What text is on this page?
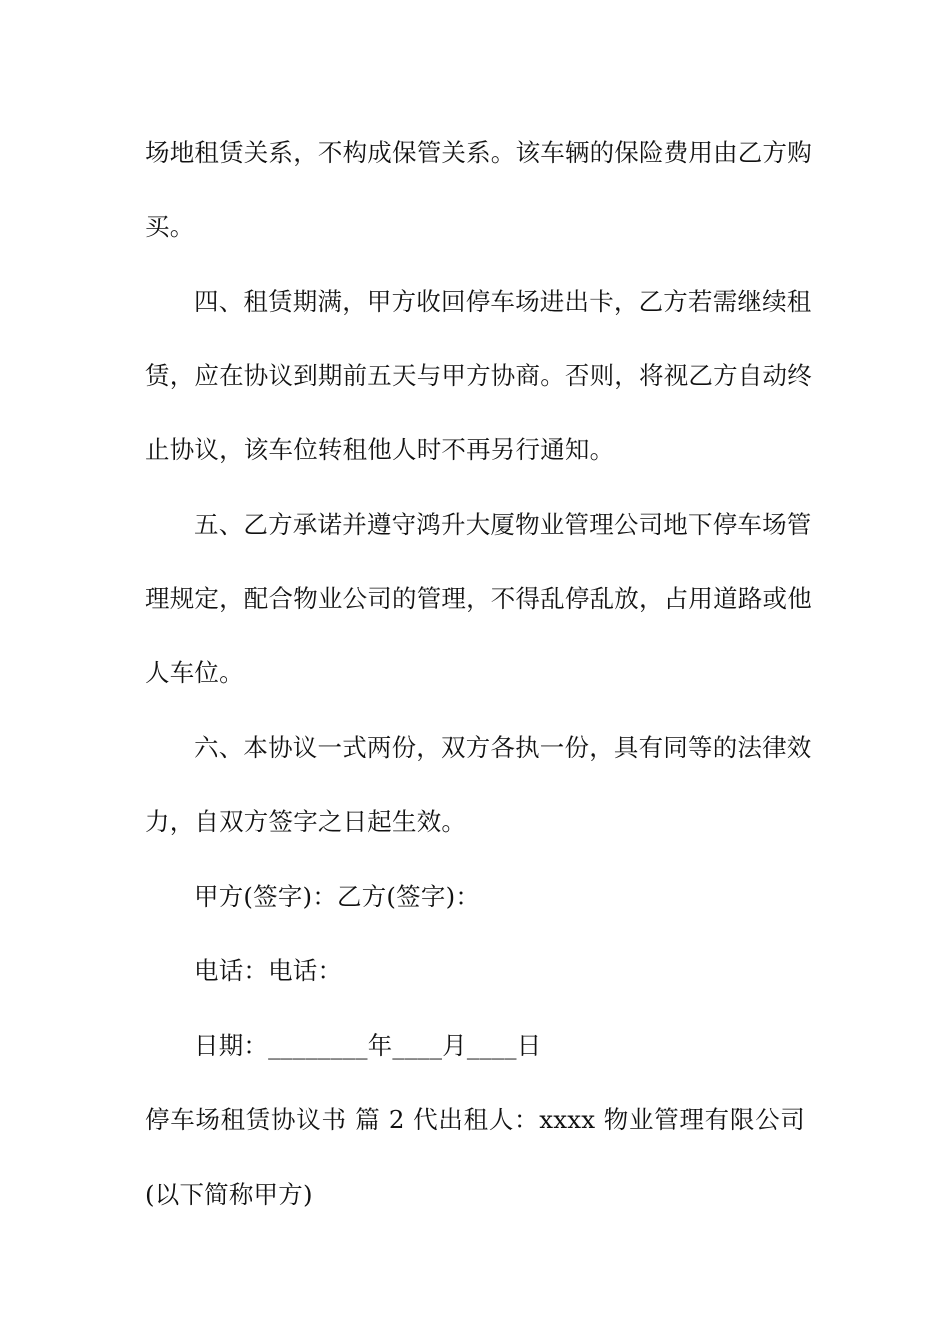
场地租赁关系，不构成保管关系。该车辆的保险费用由乙方购
买。
四、租赁期满，甲方收回停车场进出卡，乙方若需继续租
赁，应在协议到期前五天与甲方协商。否则，将视乙方自动终
止协议，该车位转租他人时不再另行通知。
五、乙方承诺并遵守鸿升大厦物业管理公司地下停车场管
理规定，配合物业公司的管理，不得乱停乱放，占用道路或他
人车位。
六、本协议一式两份，双方各执一份，具有同等的法律效
力，自双方签字之日起生效。
甲方(签字)：乙方(签字)：
电话：电话：
日期：________年____月____日
停车场租赁协议书 篇 2 代出租人：xxxx 物业管理有限公司
(以下简称甲方)
